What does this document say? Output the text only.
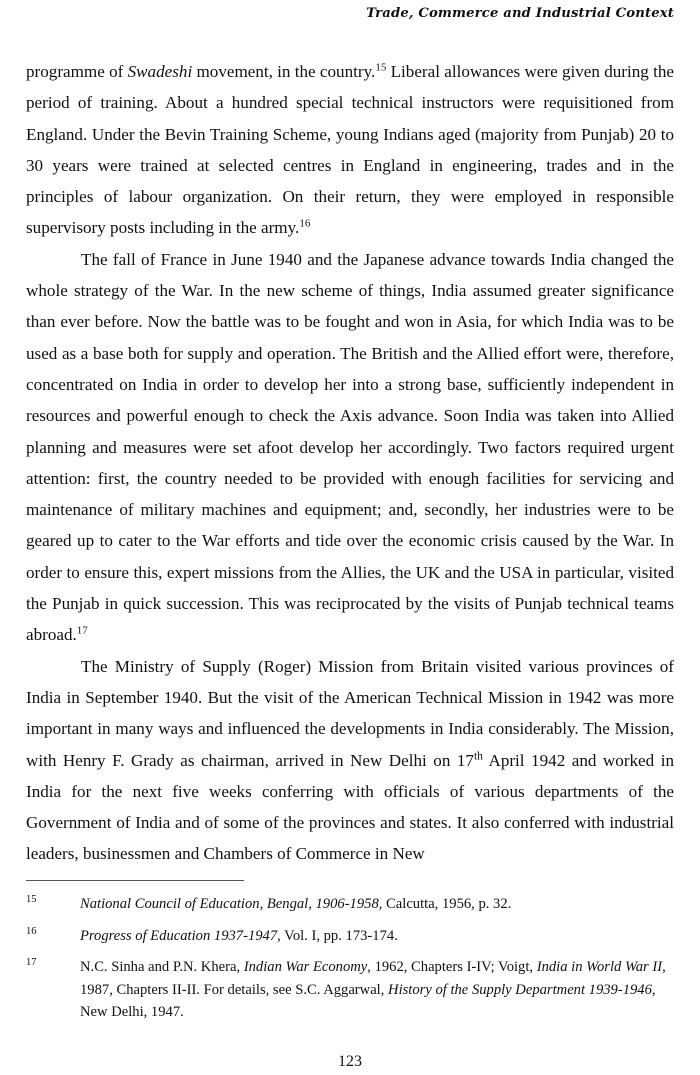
Trade, Commerce and Industrial Context

programme of Swadeshi movement, in the country.$^{15}$ Liberal allowances were given during the period of training. About a hundred special technical instructors were requisitioned from England. Under the Bevin Training Scheme, young Indians aged (majority from Punjab) 20 to 30 years were trained at selected centres in England in engineering, trades and in the principles of labour organization. On their return, they were employed in responsible supervisory posts including in the army.$^{16}$

The fall of France in June 1940 and the Japanese advance towards India changed the whole strategy of the War. In the new scheme of things, India assumed greater significance than ever before. Now the battle was to be fought and won in Asia, for which India was to be used as a base both for supply and operation. The British and the Allied effort were, therefore, concentrated on India in order to develop her into a strong base, sufficiently independent in resources and powerful enough to check the Axis advance. Soon India was taken into Allied planning and measures were set afoot develop her accordingly. Two factors required urgent attention: first, the country needed to be provided with enough facilities for servicing and maintenance of military machines and equipment; and, secondly, her industries were to be geared up to cater to the War efforts and tide over the economic crisis caused by the War. In order to ensure this, expert missions from the Allies, the UK and the USA in particular, visited the Punjab in quick succession. This was reciprocated by the visits of Punjab technical teams abroad.$^{17}$

The Ministry of Supply (Roger) Mission from Britain visited various provinces of India in September 1940. But the visit of the American Technical Mission in 1942 was more important in many ways and influenced the developments in India considerably. The Mission, with Henry F. Grady as chairman, arrived in New Delhi on 17th April 1942 and worked in India for the next five weeks conferring with officials of various departments of the Government of India and of some of the provinces and states. It also conferred with industrial leaders, businessmen and Chambers of Commerce in New

15	National Council of Education, Bengal, 1906-1958, Calcutta, 1956, p. 32.
16	Progress of Education 1937-1947, Vol. I, pp. 173-174.
17	N.C. Sinha and P.N. Khera, Indian War Economy, 1962, Chapters I-IV; Voigt, India in World War II, 1987, Chapters II-II. For details, see S.C. Aggarwal, History of the Supply Department 1939-1946, New Delhi, 1947.
123
